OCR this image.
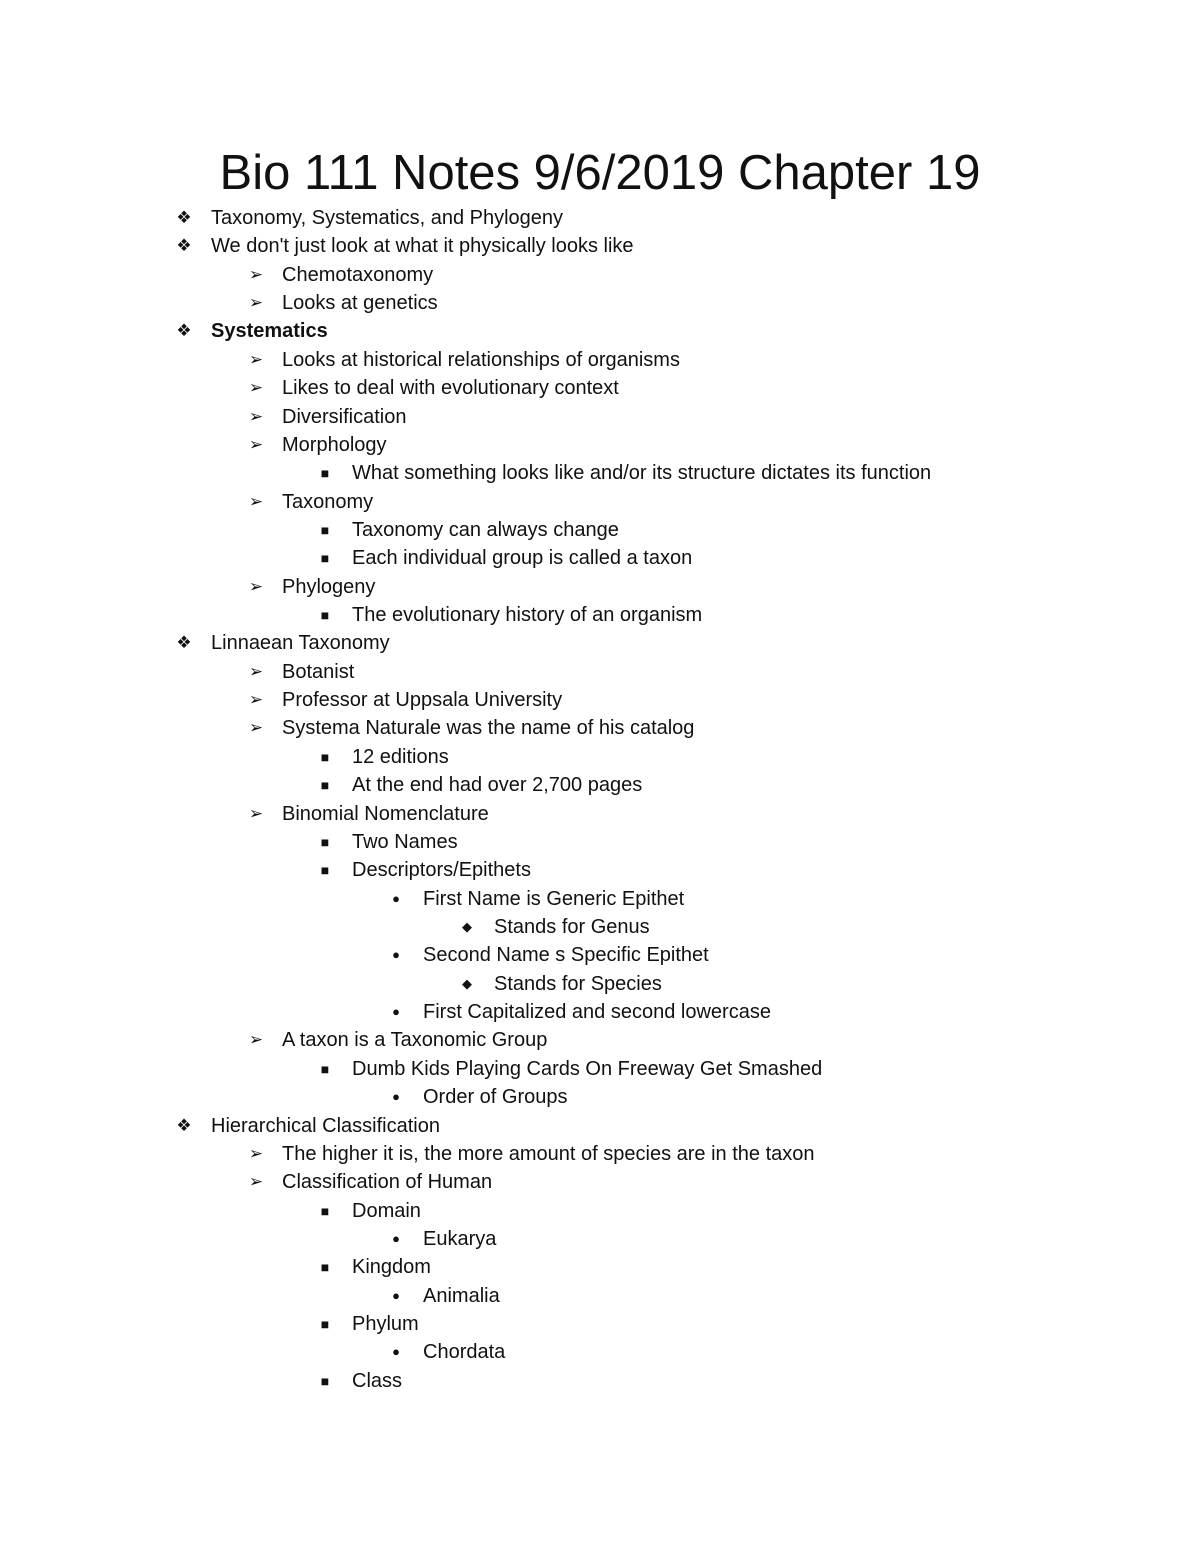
Bio 111 Notes 9/6/2019 Chapter 19
❖ Taxonomy, Systematics, and Phylogeny
❖ We don't just look at what it physically looks like
➢ Chemotaxonomy
➢ Looks at genetics
❖ Systematics
➢ Looks at historical relationships of organisms
➢ Likes to deal with evolutionary context
➢ Diversification
➢ Morphology
■	What something looks like and/or its structure dictates its function
➢ Taxonomy
■	Taxonomy can always change
■	Each individual group is called a taxon
➢ Phylogeny
■	The evolutionary history of an organism
❖ Linnaean Taxonomy
➢ Botanist
➢ Professor at Uppsala University
➢ Systema Naturale was the name of his catalog
■	12 editions
■	At the end had over 2,700 pages
➢ Binomial Nomenclature
■	Two Names
■	Descriptors/Epithets
●	First Name is Generic Epithet
◆	Stands for Genus
●	Second Name s Specific Epithet
◆	Stands for Species
●	First Capitalized and second lowercase
➢ A taxon is a Taxonomic Group
■	Dumb Kids Playing Cards On Freeway Get Smashed
●	Order of Groups
❖ Hierarchical Classification
➢ The higher it is, the more amount of species are in the taxon
➢ Classification of Human
■	Domain
●	Eukarya
■	Kingdom
●	Animalia
■	Phylum
●	Chordata
■	Class
